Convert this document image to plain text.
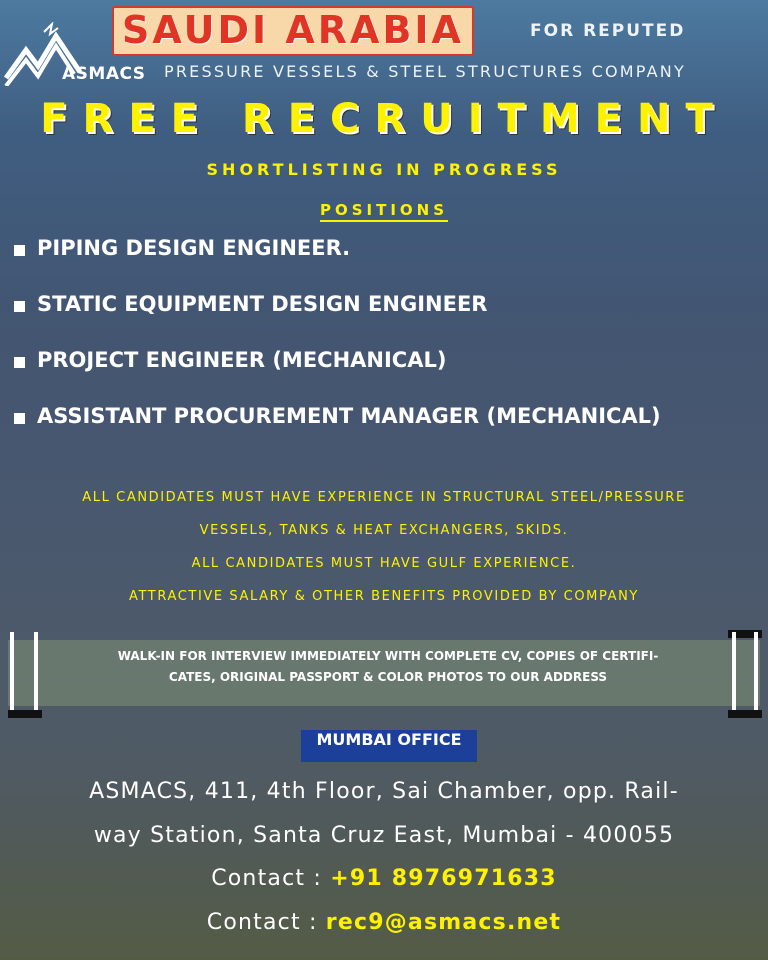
ASMACS
SAUDI ARABIA	FOR REPUTED
PRESSURE VESSELS & STEEL STRUCTURES COMPANY
FREE RECRUITMENT
SHORTLISTING IN PROGRESS
POSITIONS
PIPING DESIGN ENGINEER.
STATIC EQUIPMENT DESIGN ENGINEER
PROJECT ENGINEER (MECHANICAL)
ASSISTANT PROCUREMENT MANAGER (MECHANICAL)
ALL CANDIDATES MUST HAVE EXPERIENCE IN STRUCTURAL STEEL/PRESSURE
VESSELS, TANKS & HEAT EXCHANGERS, SKIDS.
ALL CANDIDATES MUST HAVE GULF EXPERIENCE.
ATTRACTIVE SALARY & OTHER BENEFITS PROVIDED BY COMPANY
WALK-IN FOR INTERVIEW IMMEDIATELY WITH COMPLETE CV, COPIES OF CERTIFI-
CATES, ORIGINAL PASSPORT & COLOR PHOTOS TO OUR ADDRESS
MUMBAI OFFICE
ASMACS, 411, 4th Floor, Sai Chamber, opp. Rail-
way Station, Santa Cruz East, Mumbai - 400055
Contact : +91 8976971633
Contact : rec9@asmacs.net
